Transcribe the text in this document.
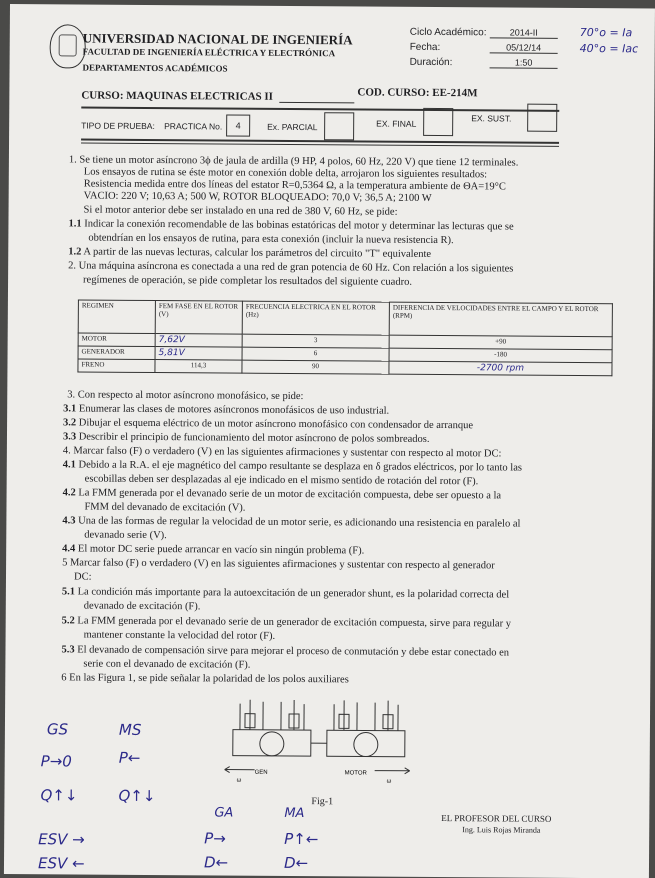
UNIVERSIDAD NACIONAL DE INGENIERÍA
FACULTAD DE INGENIERÍA ELÉCTRICA Y ELECTRÓNICA
DEPARTAMENTOS ACADÉMICOS
Ciclo Académico:	2014-II
Fecha:	05/12/14
Duración:	1:50
70°o = Ia
40°o = Iac
CURSO: MAQUINAS ELECTRICAS II	COD. CURSO: EE-214M
TIPO DE PRUEBA: PRACTICA No.	4	Ex. PARCIAL	EX. FINAL
EX. SUST.
1. Se tiene un motor asíncrono 3ϕ de jaula de ardilla (9 HP, 4 polos, 60 Hz, 220 V) que tiene 12 terminales.
Los ensayos de rutina se éste motor en conexión doble delta, arrojaron los siguientes resultados:
Resistencia medida entre dos líneas del estator R=0,5364 Ω, a la temperatura ambiente de ΘA=19°C
VACIO: 220 V; 10,63 A; 500 W, ROTOR BLOQUEADO: 70,0 V; 36,5 A; 2100 W
Si el motor anterior debe ser instalado en una red de 380 V, 60 Hz, se pide:
1.1 Indicar la conexión recomendable de las bobinas estatóricas del motor y determinar las lecturas que se
obtendrían en los ensayos de rutina, para esta conexión (incluir la nueva resistencia R).
1.2 A partir de las nuevas lecturas, calcular los parámetros del circuito "T" equivalente
2. Una máquina asíncrona es conectada a una red de gran potencia de 60 Hz. Con relación a los siguientes
regímenes de operación, se pide completar los resultados del siguiente cuadro.
REGIMEN	FEM FASE EN EL ROTOR (V)	FRECUENCIA ELECTRICA EN EL ROTOR (Hz)	DIFERENCIA DE VELOCIDADES ENTRE EL CAMPO Y EL ROTOR (RPM)
MOTOR	7,62V	3	+90
GENERADOR	5,81V	6	-180
FRENO	114,3	90	-2700 rpm
3. Con respecto al motor asíncrono monofásico, se pide:
3.1 Enumerar las clases de motores asíncronos monofásicos de uso industrial.
3.2 Dibujar el esquema eléctrico de un motor asíncrono monofásico con condensador de arranque
3.3 Describir el principio de funcionamiento del motor asíncrono de polos sombreados.
4. Marcar falso (F) o verdadero (V) en las siguientes afirmaciones y sustentar con respecto al motor DC:
4.1 Debido a la R.A. el eje magnético del campo resultante se desplaza en δ grados eléctricos, por lo tanto las
escobillas deben ser desplazadas al eje indicado en el mismo sentido de rotación del rotor (F).
4.2 La FMM generada por el devanado serie de un motor de excitación compuesta, debe ser opuesto a la
FMM del devanado de excitación (V).
4.3 Una de las formas de regular la velocidad de un motor serie, es adicionando una resistencia en paralelo al
devanado serie (V).
4.4 El motor DC serie puede arrancar en vacío sin ningún problema (F).
5 Marcar falso (F) o verdadero (V) en las siguientes afirmaciones y sustentar con respecto al generador
DC:
5.1 La condición más importante para la autoexcitación de un generador shunt, es la polaridad correcta del
devanado de excitación (F).
5.2 La FMM generada por el devanado serie de un generador de excitación compuesta, sirve para regular y
mantener constante la velocidad del rotor (F).
5.3 El devanado de compensación sirve para mejorar el proceso de conmutación y debe estar conectado en
serie con el devanado de excitación (F).
6 En las Figura 1, se pide señalar la polaridad de los polos auxiliares
GEN	MOTOR
ω	ω
Fig-1
EL PROFESOR DEL CURSO
Ing. Luis Rojas Miranda
GS	MS
P→0	P←
Q↑↓	Q↑↓
GA	MA
P→	P↑←
ESV →
ESV ←	D←	D←
